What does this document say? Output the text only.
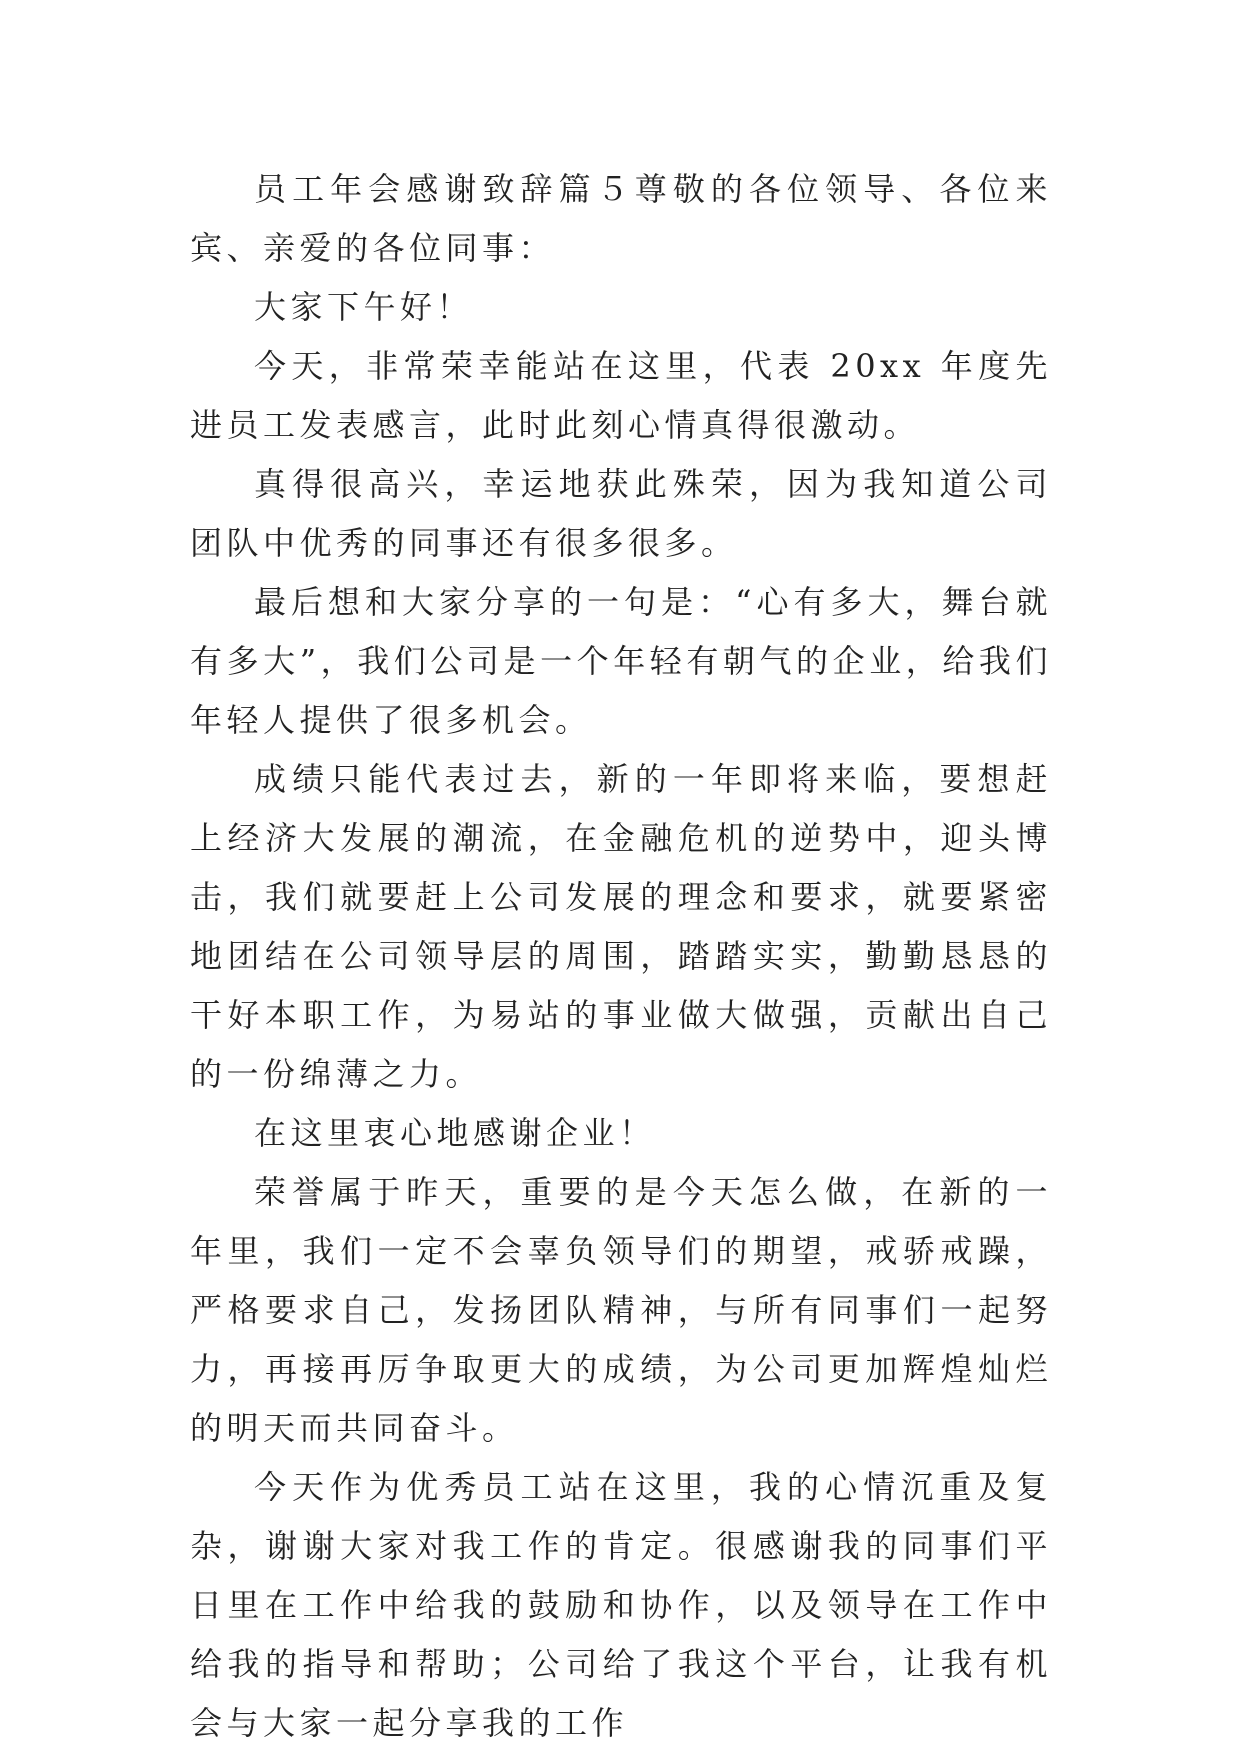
员工年会感谢致辞篇５尊敬的各位领导、各位来宾、亲爱的各位同事：

大家下午好！

今天，非常荣幸能站在这里，代表 20xx 年度先进员工发表感言，此时此刻心情真得很激动。

真得很高兴，幸运地获此殊荣，因为我知道公司团队中优秀的同事还有很多很多。

最后想和大家分享的一句是：“心有多大，舞台就有多大”，我们公司是一个年轻有朝气的企业，给我们年轻人提供了很多机会。

成绩只能代表过去，新的一年即将来临，要想赶上经济大发展的潮流，在金融危机的逆势中，迎头博击，我们就要赶上公司发展的理念和要求，就要紧密地团结在公司领导层的周围，踏踏实实，勤勤恳恳的干好本职工作，为易站的事业做大做强，贡献出自己的一份绵薄之力。

在这里衷心地感谢企业！

荣誉属于昨天，重要的是今天怎么做，在新的一年里，我们一定不会辜负领导们的期望，戒骄戒躁，严格要求自己，发扬团队精神，与所有同事们一起努力，再接再厉争取更大的成绩，为公司更加辉煌灿烂的明天而共同奋斗。

今天作为优秀员工站在这里，我的心情沉重及复杂，谢谢大家对我工作的肯定。很感谢我的同事们平日里在工作中给我的鼓励和协作，以及领导在工作中给我的指导和帮助；公司给了我这个平台，让我有机会与大家一起分享我的工作
